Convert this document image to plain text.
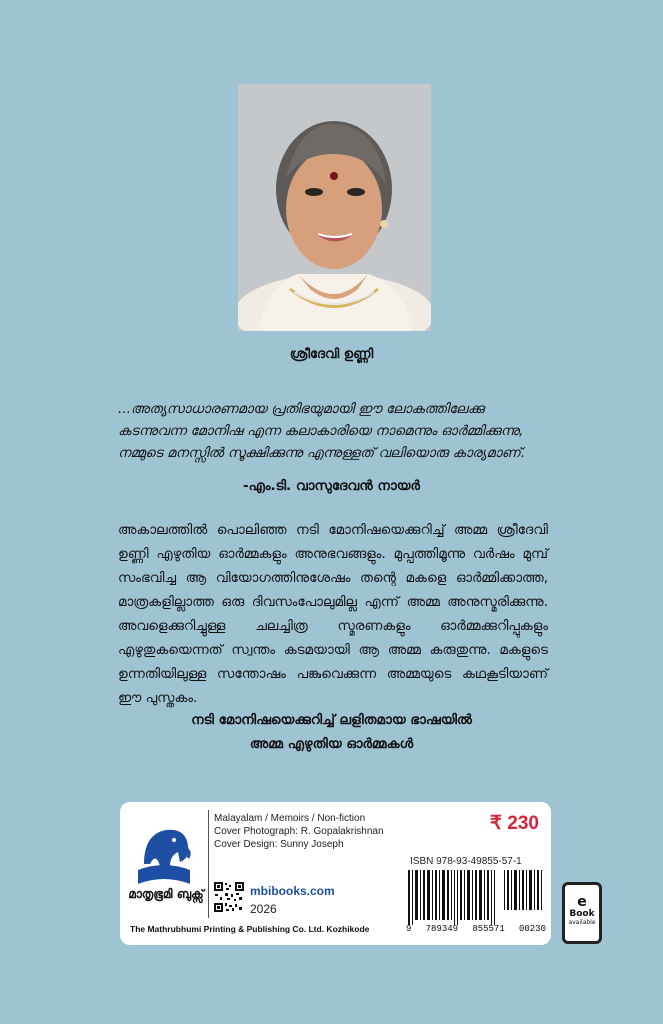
ശ്രീദേവി ഉണ്ണി
...അത്യസാധാരണമായ പ്രതിഭയുമായി ഈ ലോകത്തിലേക്കു
കടന്നുവന്ന മോനിഷ എന്ന കലാകാരിയെ നാമെന്നും ഓർമ്മിക്കുന്നു,
നമ്മുടെ മനസ്സിൽ സൂക്ഷിക്കുന്നു എന്നുള്ളത് വലിയൊരു കാര്യമാണ്.
-എം.ടി. വാസുദേവൻ നായർ
അകാലത്തിൽ പൊലിഞ്ഞ നടി മോനിഷയെക്കുറിച്ച് അമ്മ ശ്രീദേവി ഉണ്ണി എഴുതിയ ഓർമ്മകളും അനുഭവങ്ങളും. മുപ്പത്തിമൂന്നു വർഷം മുമ്പ് സംഭവിച്ച ആ വിയോഗത്തിനുശേഷം തന്റെ മകളെ ഓർമ്മിക്കാത്ത, മാത്രകളില്ലാത്ത ഒരു ദിവസംപോലുമില്ല എന്ന് അമ്മ അനുസ്മരിക്കുന്നു. അവളെക്കുറിച്ചുള്ള ചലച്ചിത്ര സ്മരണകളും ഓർമ്മക്കുറിപ്പുകളും എഴുതുകയെന്നത് സ്വന്തം കടമയായി ആ അമ്മ കരുതുന്നു. മകളുടെ ഉന്നതിയിലുള്ള സന്തോഷം പങ്കുവെക്കുന്ന അമ്മയുടെ കഥകൂടിയാണ് ഈ പുസ്തകം.
നടി മോനിഷയെക്കുറിച്ച് ലളിതമായ ഭാഷയിൽ
അമ്മ എഴുതിയ ഓർമ്മകൾ
മാതൃഭൂമി ബുക്സ്
Malayalam / Memoirs / Non-fiction
Cover Photograph: R. Gopalakrishnan
Cover Design: Sunny Joseph
₹ 230
ISBN 978-93-49855-57-1
9 789349 855571 00230
mbibooks.com
2026
The Mathrubhumi Printing & Publishing Co. Ltd. Kozhikode
e
Book
available
